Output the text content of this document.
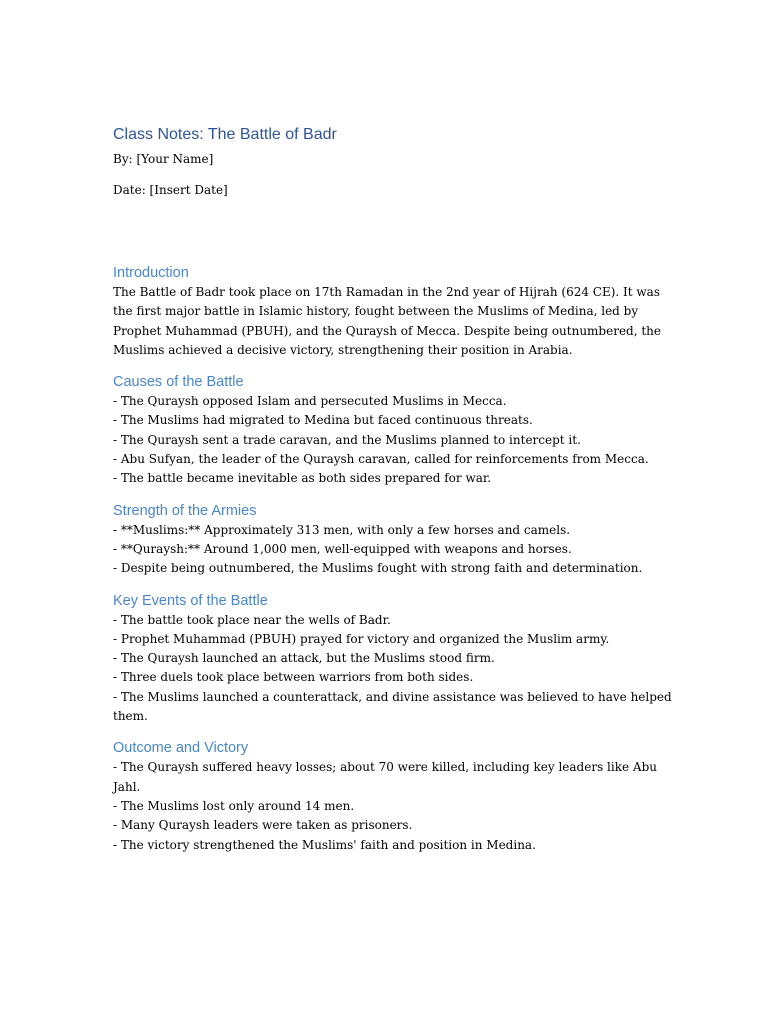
Class Notes: The Battle of Badr

By: [Your Name]

Date: [Insert Date]

Introduction

The Battle of Badr took place on 17th Ramadan in the 2nd year of Hijrah (624 CE). It was
the first major battle in Islamic history, fought between the Muslims of Medina, led by
Prophet Muhammad (PBUH), and the Quraysh of Mecca. Despite being outnumbered, the
Muslims achieved a decisive victory, strengthening their position in Arabia.

Causes of the Battle

- The Quraysh opposed Islam and persecuted Muslims in Mecca.
- The Muslims had migrated to Medina but faced continuous threats.
- The Quraysh sent a trade caravan, and the Muslims planned to intercept it.
- Abu Sufyan, the leader of the Quraysh caravan, called for reinforcements from Mecca.
- The battle became inevitable as both sides prepared for war.

Strength of the Armies

- **Muslims:** Approximately 313 men, with only a few horses and camels.
- **Quraysh:** Around 1,000 men, well-equipped with weapons and horses.
- Despite being outnumbered, the Muslims fought with strong faith and determination.

Key Events of the Battle

- The battle took place near the wells of Badr.
- Prophet Muhammad (PBUH) prayed for victory and organized the Muslim army.
- The Quraysh launched an attack, but the Muslims stood firm.
- Three duels took place between warriors from both sides.
- The Muslims launched a counterattack, and divine assistance was believed to have helped
them.

Outcome and Victory

- The Quraysh suffered heavy losses; about 70 were killed, including key leaders like Abu
Jahl.
- The Muslims lost only around 14 men.
- Many Quraysh leaders were taken as prisoners.
- The victory strengthened the Muslims' faith and position in Medina.
